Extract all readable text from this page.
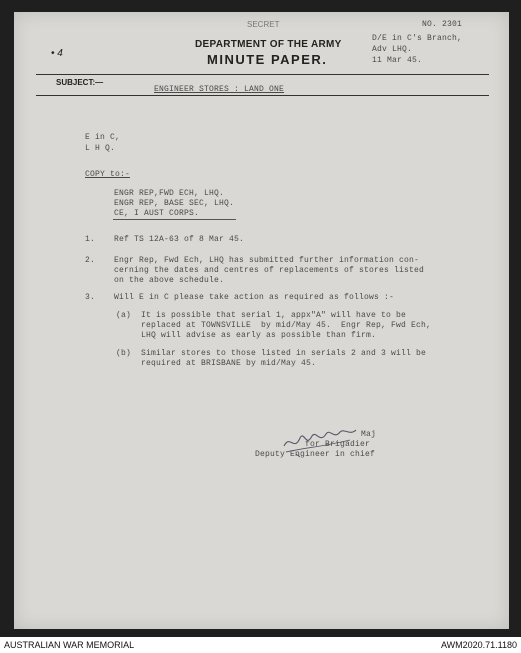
SECRET
DEPARTMENT OF THE ARMY
MINUTE PAPER.
• 4
NO. 2301
D/E in C's Branch,
Adv LHQ.
11 Mar 45.
SUBJECT:—
ENGINEER STORES : LAND ONE
E in C,
L H Q.
COPY to:-
ENGR REP,FWD ECH, LHQ.
ENGR REP, BASE SEC, LHQ.
CE, I AUST CORPS.
1. Ref TS 12A-63 of 8 Mar 45.
2. Engr Rep, Fwd Ech, LHQ has submitted further information con-
cerning the dates and centres of replacements of stores listed
on the above schedule.
3. Will E in C please take action as required as follows :-
(a) It is possible that serial 1, appx"A" will have to be
replaced at TOWNSVILLE  by mid/May 45.  Engr Rep, Fwd Ech,
LHQ will advise as early as possible than firm.
(b) Similar stores to those listed in serials 2 and 3 will be
required at BRISBANE by mid/May 45.
Maj
for Brigadier
Deputy Engineer in chief
AUSTRALIAN WAR MEMORIAL	AWM2020.71.1180
